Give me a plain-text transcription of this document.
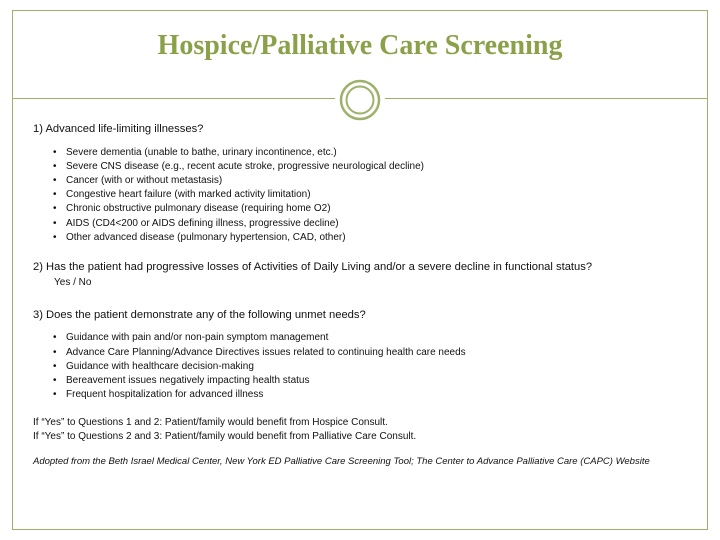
Hospice/Palliative Care Screening

1) Advanced life-limiting illnesses?

• Severe dementia (unable to bathe, urinary incontinence, etc.)
• Severe CNS disease (e.g., recent acute stroke, progressive neurological decline)
• Cancer (with or without metastasis)
• Congestive heart failure (with marked activity limitation)
• Chronic obstructive pulmonary disease (requiring home O2)
• AIDS (CD4<200 or AIDS defining illness, progressive decline)
• Other advanced disease (pulmonary hypertension, CAD, other)

2) Has the patient had progressive losses of Activities of Daily Living and/or a severe decline in functional status?

Yes / No

3) Does the patient demonstrate any of the following unmet needs?

• Guidance with pain and/or non-pain symptom management
• Advance Care Planning/Advance Directives issues related to continuing health care needs
• Guidance with healthcare decision-making
• Bereavement issues negatively impacting health status
• Frequent hospitalization for advanced illness

If “Yes” to Questions 1 and 2: Patient/family would benefit from Hospice Consult.

If “Yes” to Questions 2 and 3: Patient/family would benefit from Palliative Care Consult.

Adopted from the Beth Israel Medical Center, New York ED Palliative Care Screening Tool; The Center to Advance Palliative Care (CAPC) Website
